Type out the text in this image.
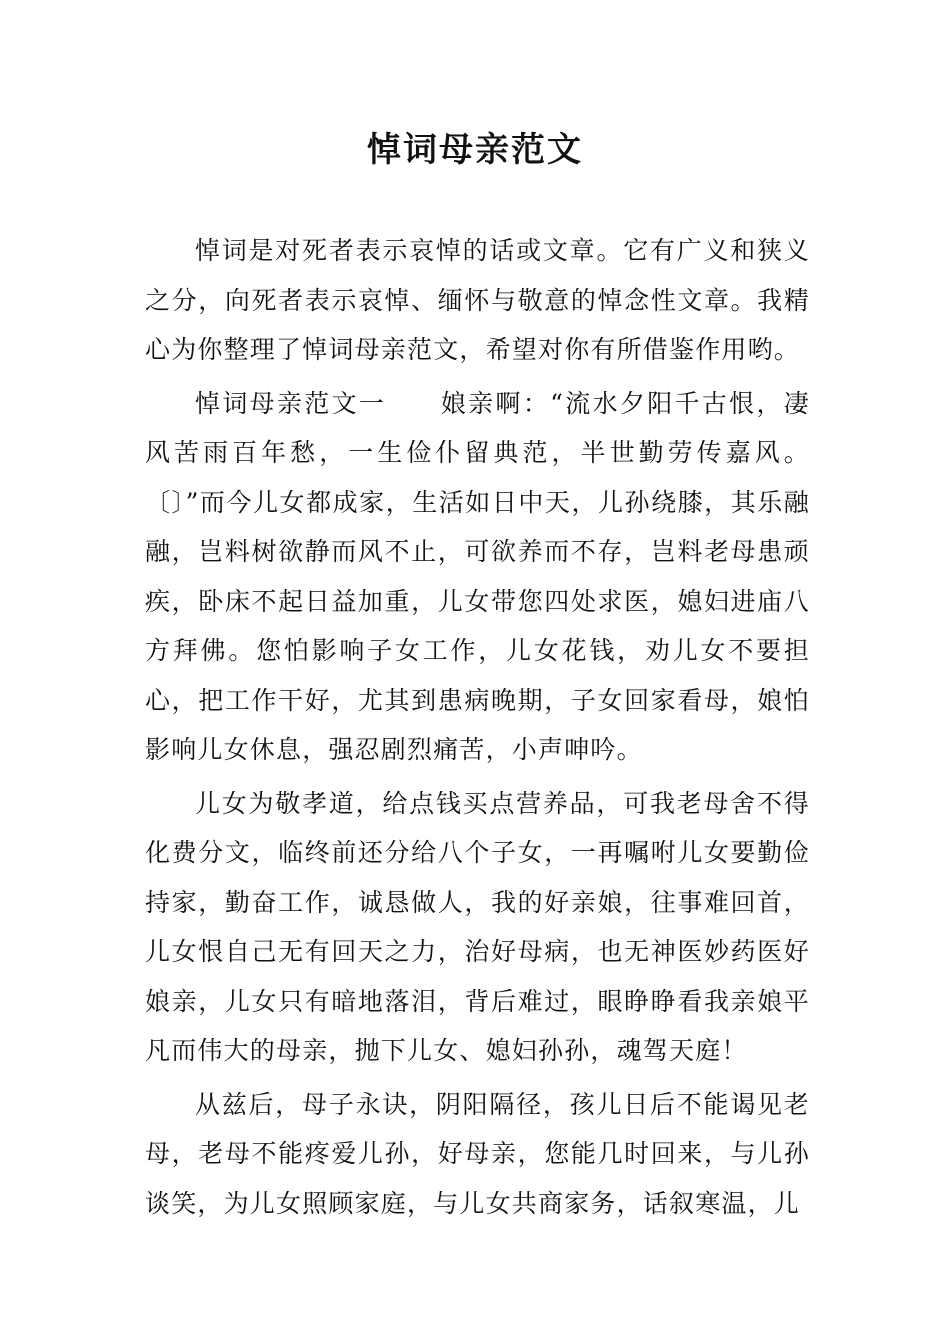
悼词母亲范文

悼词是对死者表示哀悼的话或文章。它有广义和狭义之分，向死者表示哀悼、缅怀与敬意的悼念性文章。我精心为你整理了悼词母亲范文，希望对你有所借鉴作用哟。

悼词母亲范文一　　娘亲啊：“流水夕阳千古恨，凄风苦雨百年愁，一生俭仆留典范，半世勤劳传嘉风。〔〕”而今儿女都成家，生活如日中天，儿孙绕膝，其乐融融，岂料树欲静而风不止，可欲养而不存，岂料老母患顽疾，卧床不起日益加重，儿女带您四处求医，媳妇进庙八方拜佛。您怕影响子女工作，儿女花钱，劝儿女不要担心，把工作干好，尤其到患病晚期，子女回家看母，娘怕影响儿女休息，强忍剧烈痛苦，小声呻吟。

儿女为敬孝道，给点钱买点营养品，可我老母舍不得化费分文，临终前还分给八个子女，一再嘱咐儿女要勤俭持家，勤奋工作，诚恳做人，我的好亲娘，往事难回首，儿女恨自己无有回天之力，治好母病，也无神医妙药医好娘亲，儿女只有暗地落泪，背后难过，眼睁睁看我亲娘平凡而伟大的母亲，抛下儿女、媳妇孙孙，魂驾天庭！

从兹后，母子永诀，阴阳隔径，孩儿日后不能谒见老母，老母不能疼爱儿孙，好母亲，您能几时回来，与儿孙谈笑，为儿女照顾家庭，与儿女共商家务，话叙寒温，儿
